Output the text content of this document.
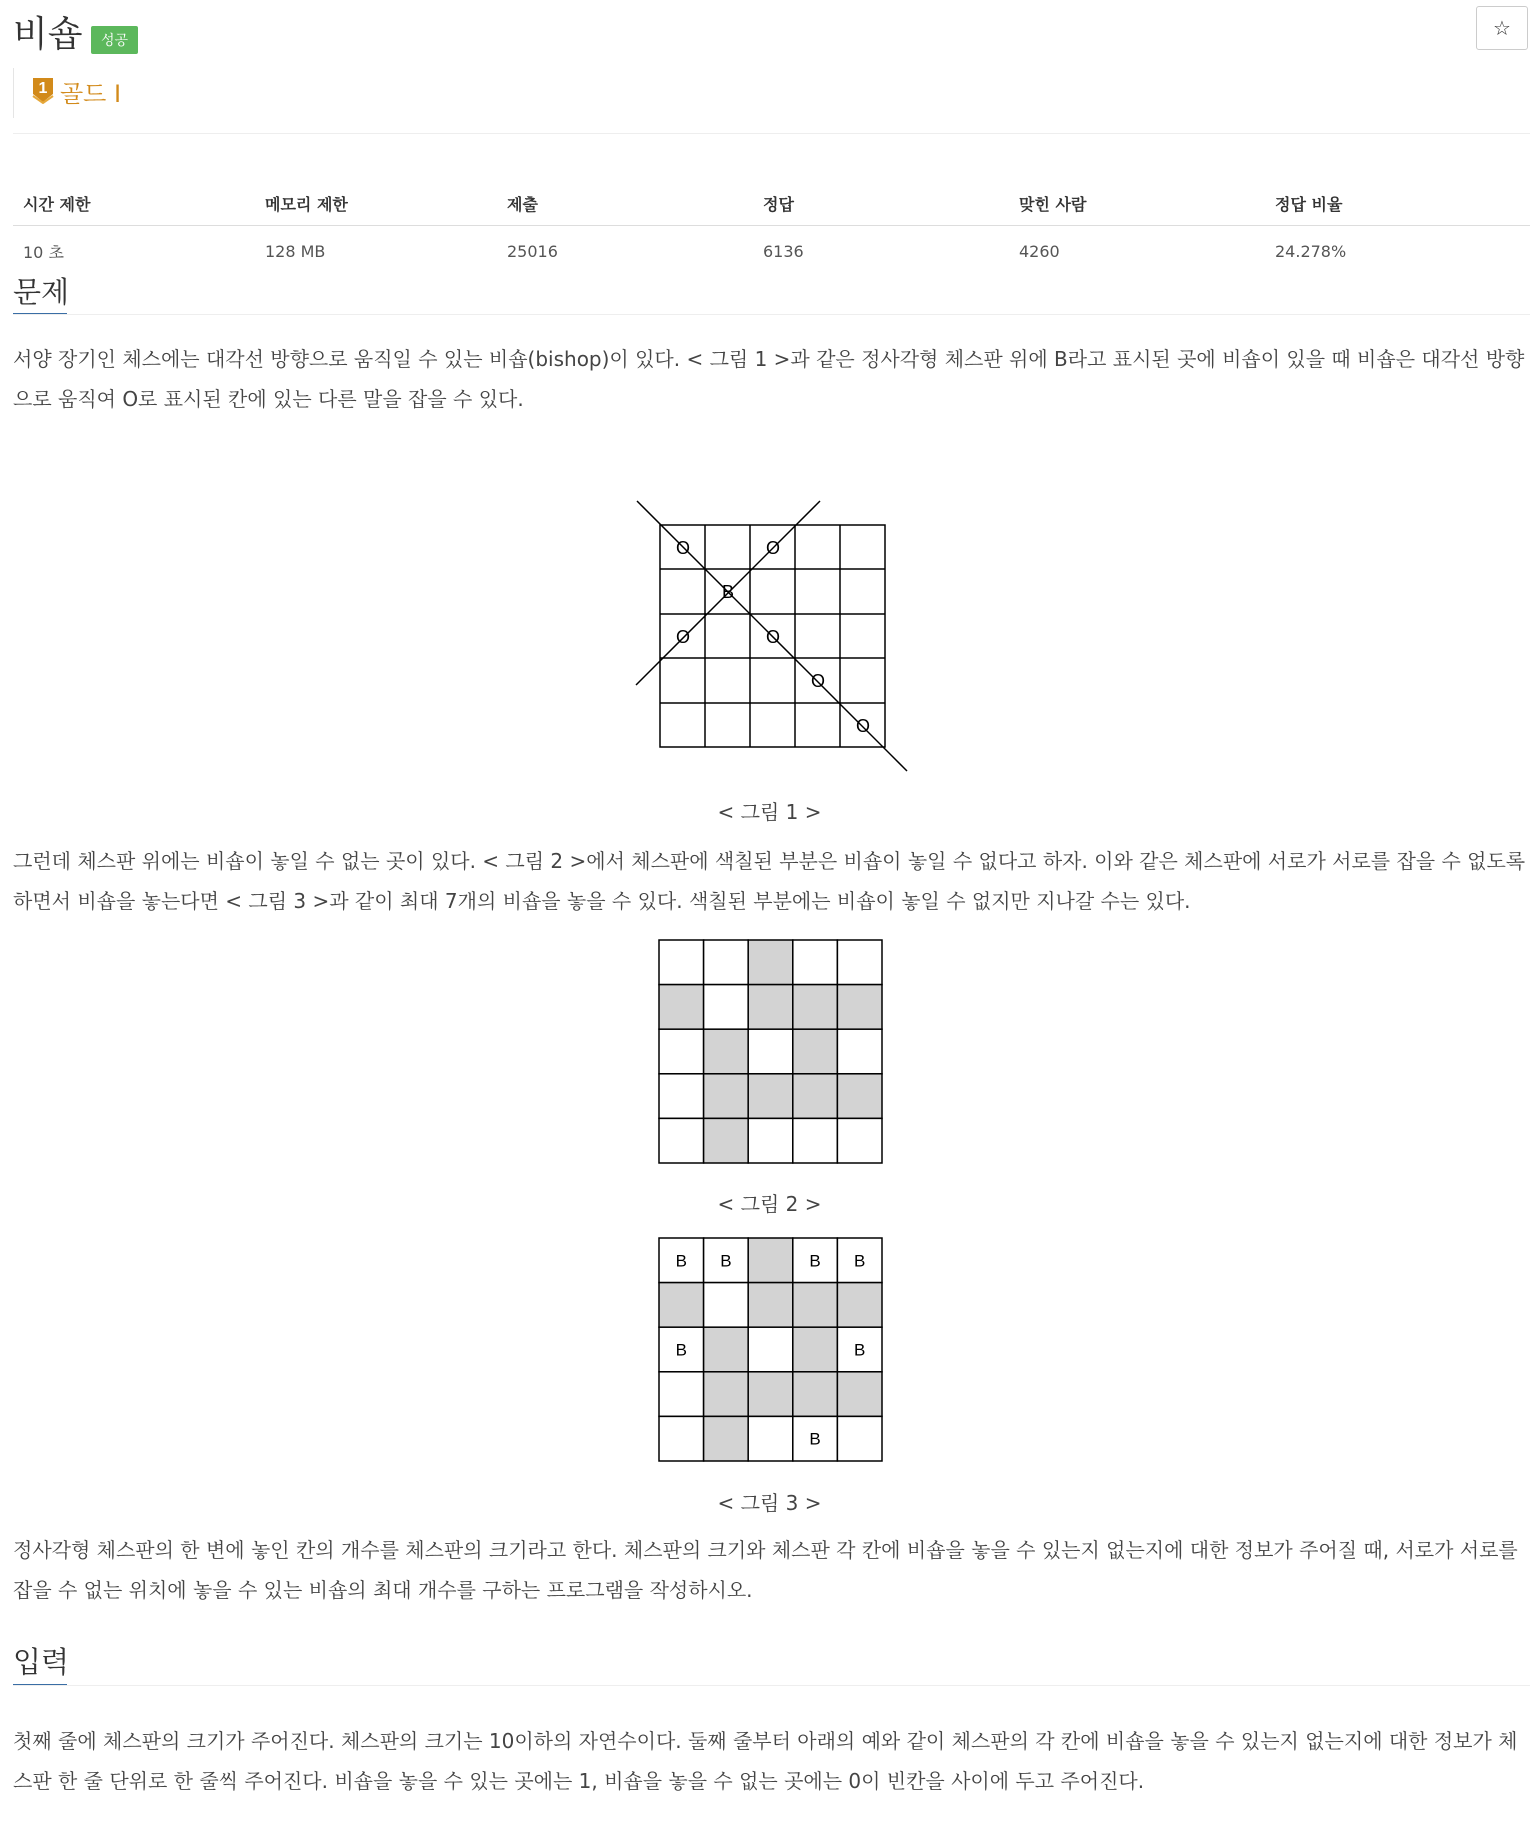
비숍	성공
☆
1 골드 I
시간 제한	메모리 제한	제출	정답	맞힌 사람	정답 비율
10 초	128 MB	25016	6136	4260	24.278%
문제
서양 장기인 체스에는 대각선 방향으로 움직일 수 있는 비숍(bishop)이 있다. < 그림 1 >과 같은 정사각형 체스판 위에 B라고 표시된 곳에 비숍이 있을 때 비숍은 대각선 방향으로 움직여 O로 표시된 칸에 있는 다른 말을 잡을 수 있다.
O	O
B
O	O
O
O
B B	B B
B	B
B
< 그림 1 >
그런데 체스판 위에는 비숍이 놓일 수 없는 곳이 있다. < 그림 2 >에서 체스판에 색칠된 부분은 비숍이 놓일 수 없다고 하자. 이와 같은 체스판에 서로가 서로를 잡을 수 없도록 하면서 비숍을 놓는다면 < 그림 3 >과 같이 최대 7개의 비숍을 놓을 수 있다. 색칠된 부분에는 비숍이 놓일 수 없지만 지나갈 수는 있다.
< 그림 2 >
< 그림 3 >
정사각형 체스판의 한 변에 놓인 칸의 개수를 체스판의 크기라고 한다. 체스판의 크기와 체스판 각 칸에 비숍을 놓을 수 있는지 없는지에 대한 정보가 주어질 때, 서로가 서로를 잡을 수 없는 위치에 놓을 수 있는 비숍의 최대 개수를 구하는 프로그램을 작성하시오.
입력
첫째 줄에 체스판의 크기가 주어진다. 체스판의 크기는 10이하의 자연수이다. 둘째 줄부터 아래의 예와 같이 체스판의 각 칸에 비숍을 놓을 수 있는지 없는지에 대한 정보가 체스판 한 줄 단위로 한 줄씩 주어진다. 비숍을 놓을 수 있는 곳에는 1, 비숍을 놓을 수 없는 곳에는 0이 빈칸을 사이에 두고 주어진다.
